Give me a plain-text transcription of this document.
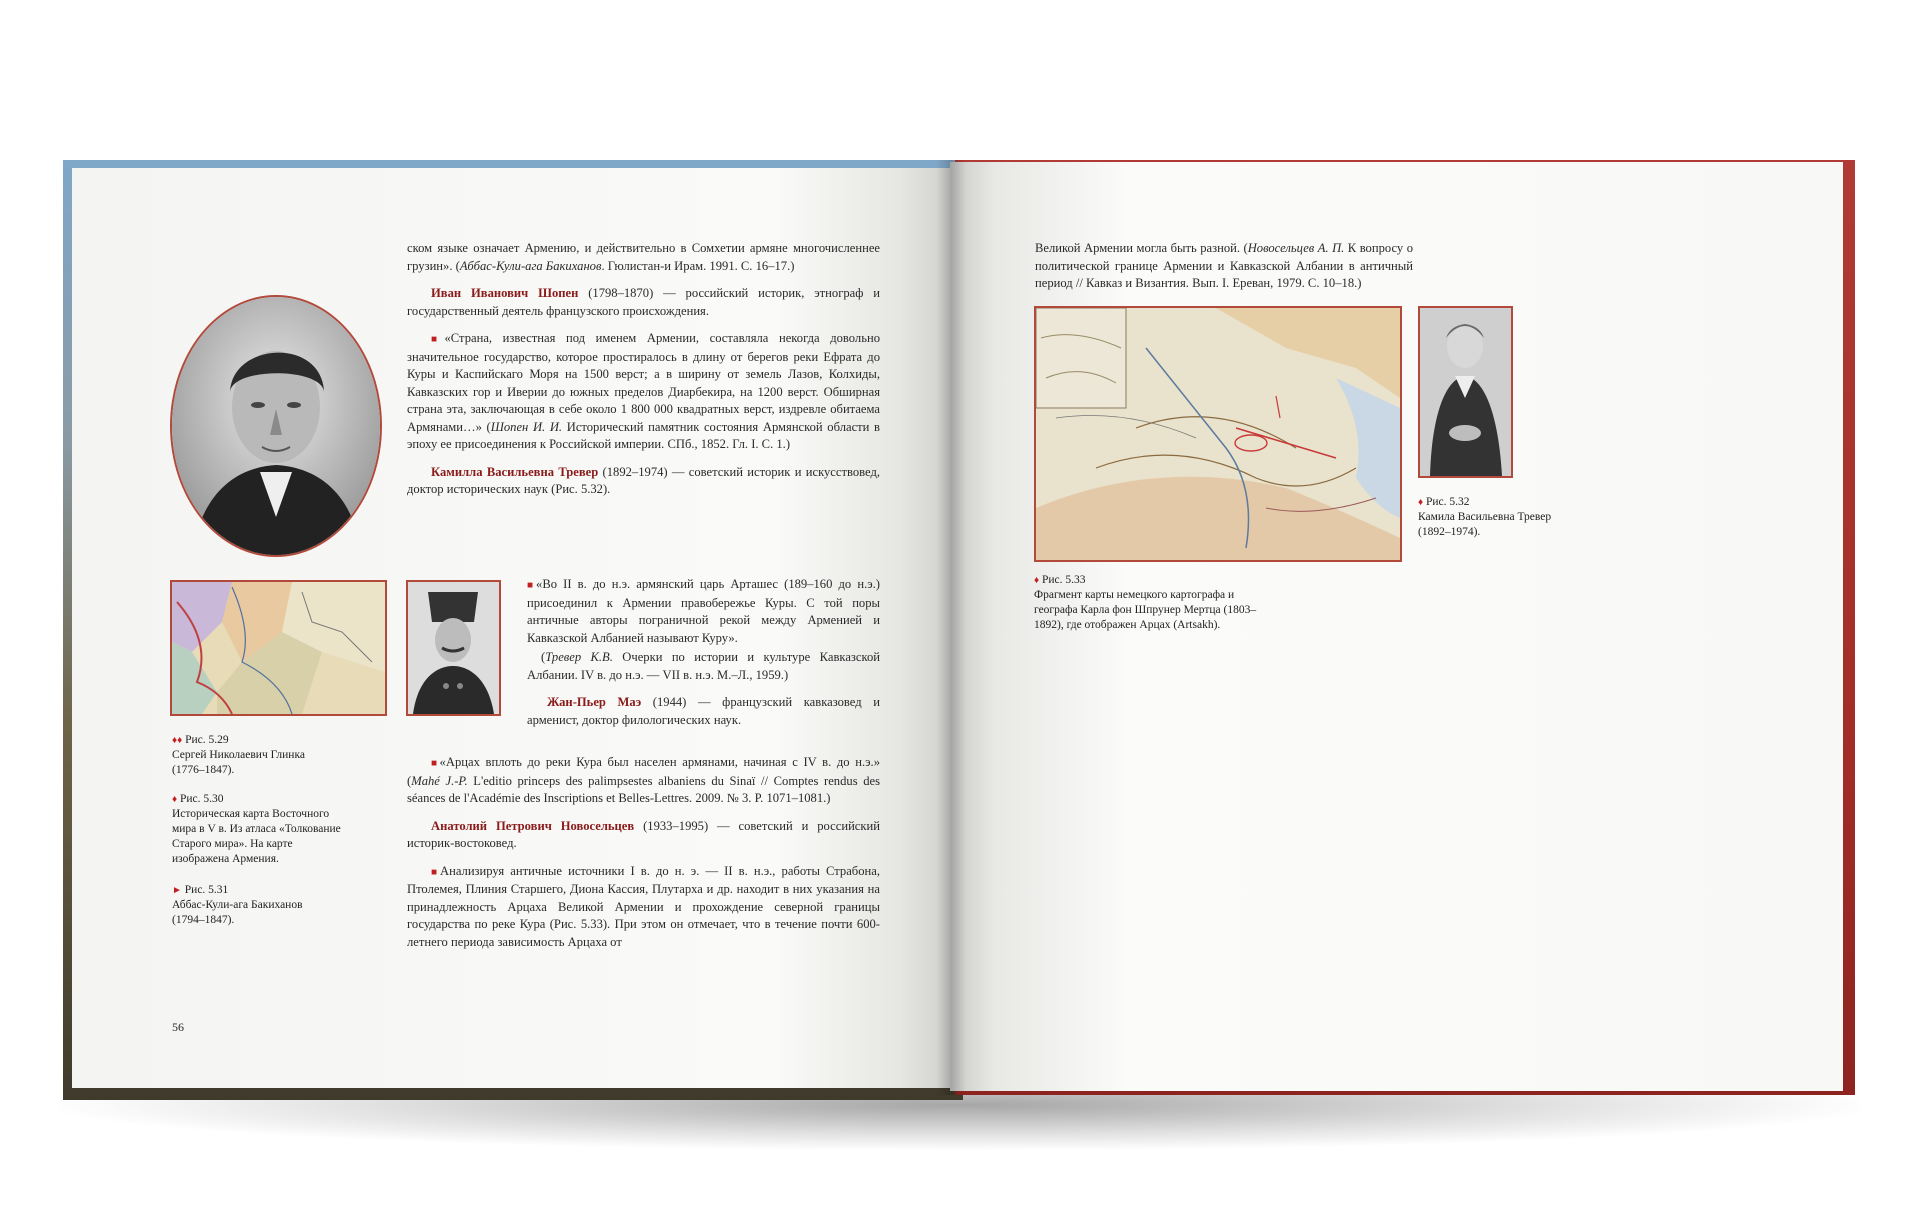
♦♦ Рис. 5.29
Сергей Николаевич Глинка (1776–1847).
♦ Рис. 5.30
Историческая карта Восточного мира в V в. Из атласа «Толкование Старого мира». На карте изображена Армения.
► Рис. 5.31
Аббас-Кули-ага Бакиханов (1794–1847).

ском языке означает Армению, и действительно в Сомхетии армяне многочисленнее грузин». (Аббас-Кули-ага Бакиханов. Гюлистан-и Ирам. 1991. С. 16–17.)

Иван Иванович Шопен (1798–1870) — российский историк, этнограф и государственный деятель французского происхождения.

■«Страна, известная под именем Армении, составляла некогда довольно значительное государство, которое простиралось в длину от берегов реки Ефрата до Куры и Каспийскаго Моря на 1500 верст; а в ширину от земель Лазов, Колхиды, Кавказских гор и Иверии до южных пределов Диарбекира, на 1200 верст. Обширная страна эта, заключающая в себе около 1 800 000 квадратных верст, издревле обитаема Армянами…» (Шопен И. И. Исторический памятник состояния Армянской области в эпоху ее присоединения к Российской империи. СПб., 1852. Гл. I. С. 1.)

Камилла Васильевна Тревер (1892–1974) — советский историк и искусствовед, доктор исторических наук (Рис. 5.32).

■«Во II в. до н.э. армянский царь Арташес (189–160 до н.э.) присоединил к Армении правобережье Куры. С той поры античные авторы пограничной рекой между Арменией и Кавказской Албанией называют Куру».

(Тревер К.В. Очерки по истории и культуре Кавказской Албании. IV в. до н.э. — VII в. н.э. М.–Л., 1959.)

Жан-Пьер Маэ (1944) — французский кавказовед и арменист, доктор филологических наук.

■«Арцах вплоть до реки Кура был населен армянами, начиная с IV в. до н.э.» (Mahé J.-P. L'editio princeps des palimpsestes albaniens du Sinaï // Comptes rendus des séances de l'Académie des Inscriptions et Belles-Lettres. 2009. № 3. P. 1071–1081.)

Анатолий Петрович Новосельцев (1933–1995) — советский и российский историк-востоковед.

■Анализируя античные источники I в. до н. э. — II в. н.э., работы Страбона, Птолемея, Плиния Старшего, Диона Кассия, Плутарха и др. находит в них указания на принадлежность Арцаха Великой Армении и прохождение северной границы государства по реке Кура (Рис. 5.33). При этом он отмечает, что в течение почти 600-летнего периода зависимость Арцаха от

56

Великой Армении могла быть разной. (Новосельцев А. П. К вопросу о политической границе Армении и Кавказской Албании в античный период // Кавказ и Византия. Вып. I. Ереван, 1979. С. 10–18.)

♦ Рис. 5.32
Камила Васильевна Тревер (1892–1974).
♦ Рис. 5.33
Фрагмент карты немецкого картографа и географа Карла фон Шпрунер Мертца (1803–1892), где отображен Арцах (Artsakh).
